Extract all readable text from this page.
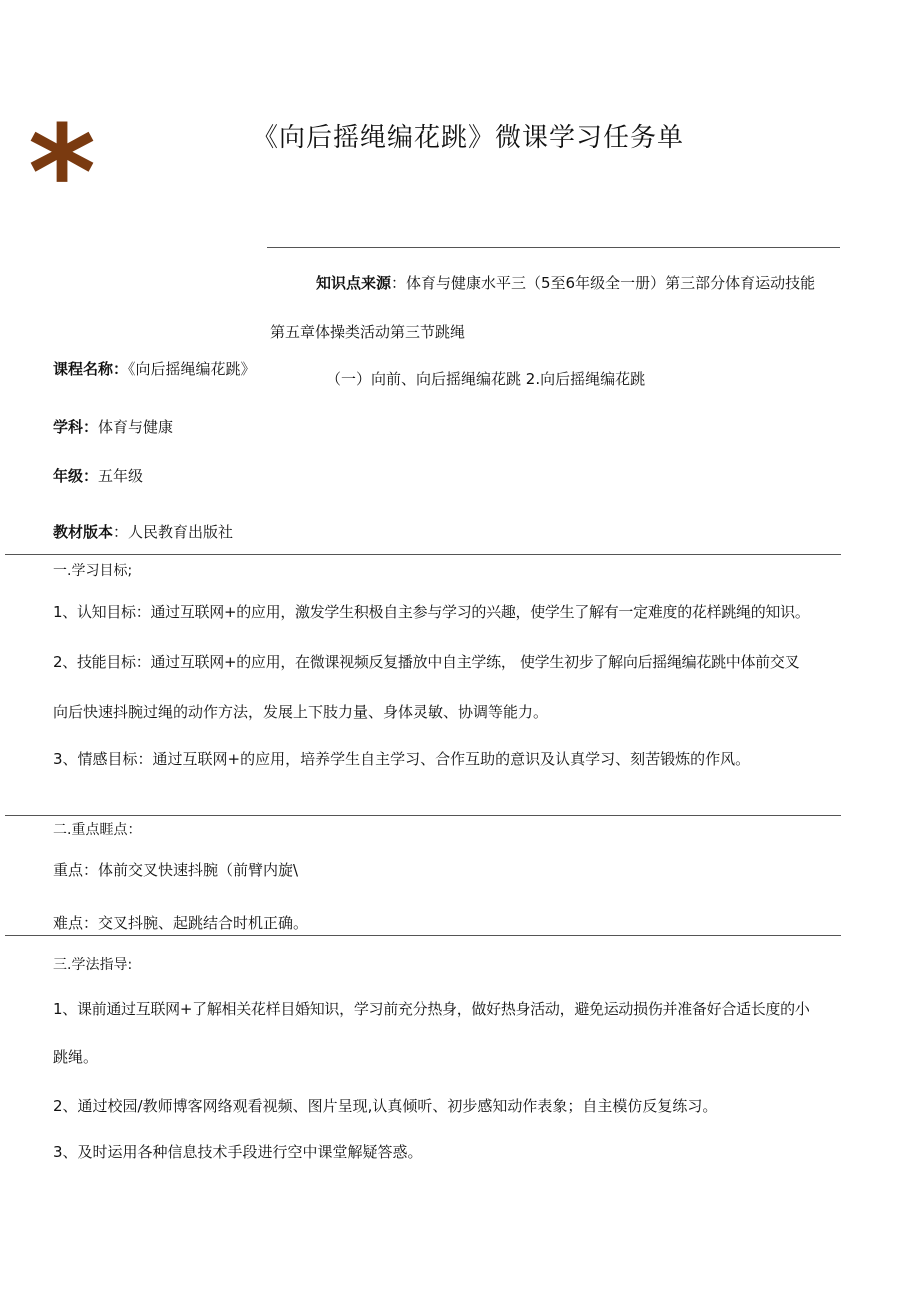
*	《向后摇绳编花跳》微课学习任务单
知识点来源：体育与健康水平三（5至6年级全一册）第三部分体育运动技能
第五章体操类活动第三节跳绳
课程名称：《向后摇绳编花跳》
（一）向前、向后摇绳编花跳 2.向后摇绳编花跳
学科：体育与健康
年级：五年级
教材版本：人民教育出版社
一.学习目标;
1、认知目标：通过互联网+的应用，激发学生积极自主参与学习的兴趣，使学生了解有一定难度的花样跳绳的知识。
2、技能目标：通过互联网+的应用，在微课视频反复播放中自主学练， 使学生初步了解向后摇绳编花跳中体前交叉
向后快速抖腕过绳的动作方法，发展上下肢力量、身体灵敏、协调等能力。
3、情感目标：通过互联网+的应用，培养学生自主学习、合作互助的意识及认真学习、刻苦锻炼的作风。
二.重点睚点：
重点：体前交叉快速抖腕（前臂内旋\
难点：交叉抖腕、起跳结合时机正确。
三.学法指导:
1、课前通过互联网+了解相关花样目婚知识，学习前充分热身，做好热身活动，避免运动损伤并准备好合适长度的小
跳绳。
2、通过校园/教师博客网络观看视频、图片呈现,认真倾听、初步感知动作表象；自主模仿反复练习。
3、及时运用各种信息技术手段进行空中课堂解疑答惑。
